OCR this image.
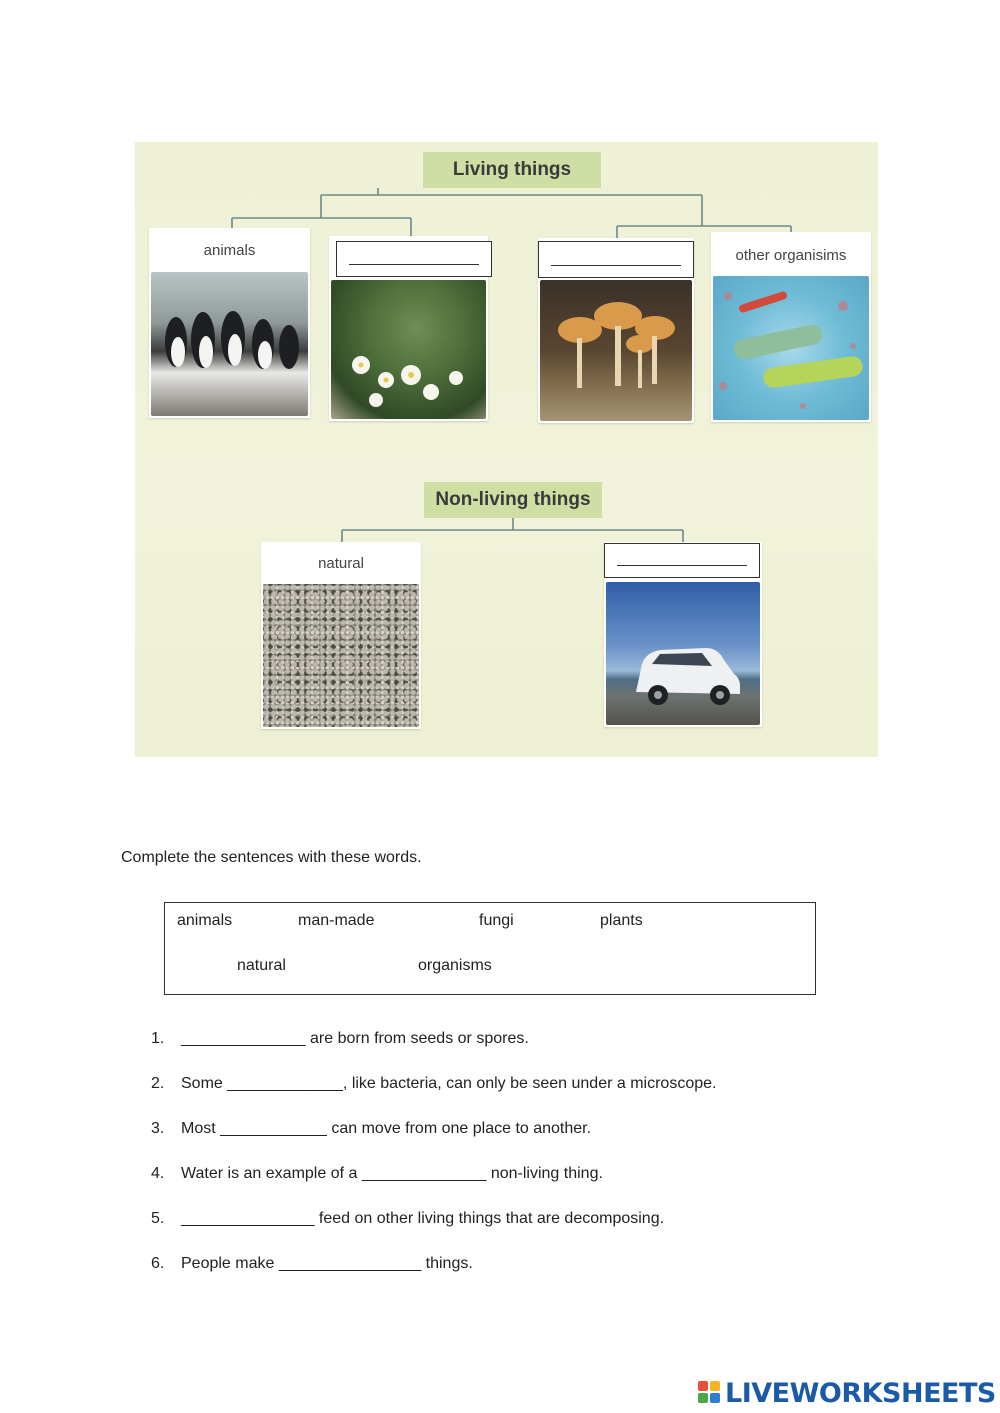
Living things
animals	other organisims
Non-living things
natural
Complete the sentences with these words.
animals	man-made	fungi	plants
natural	organisms
1. ______________ are born from seeds or spores.
2. Some _____________, like bacteria, can only be seen under a microscope.
3. Most ____________ can move from one place to another.
4. Water is an example of a ______________ non-living thing.
5. _______________ feed on other living things that are decomposing.
6. People make ________________ things.
LIVEWORKSHEETS
